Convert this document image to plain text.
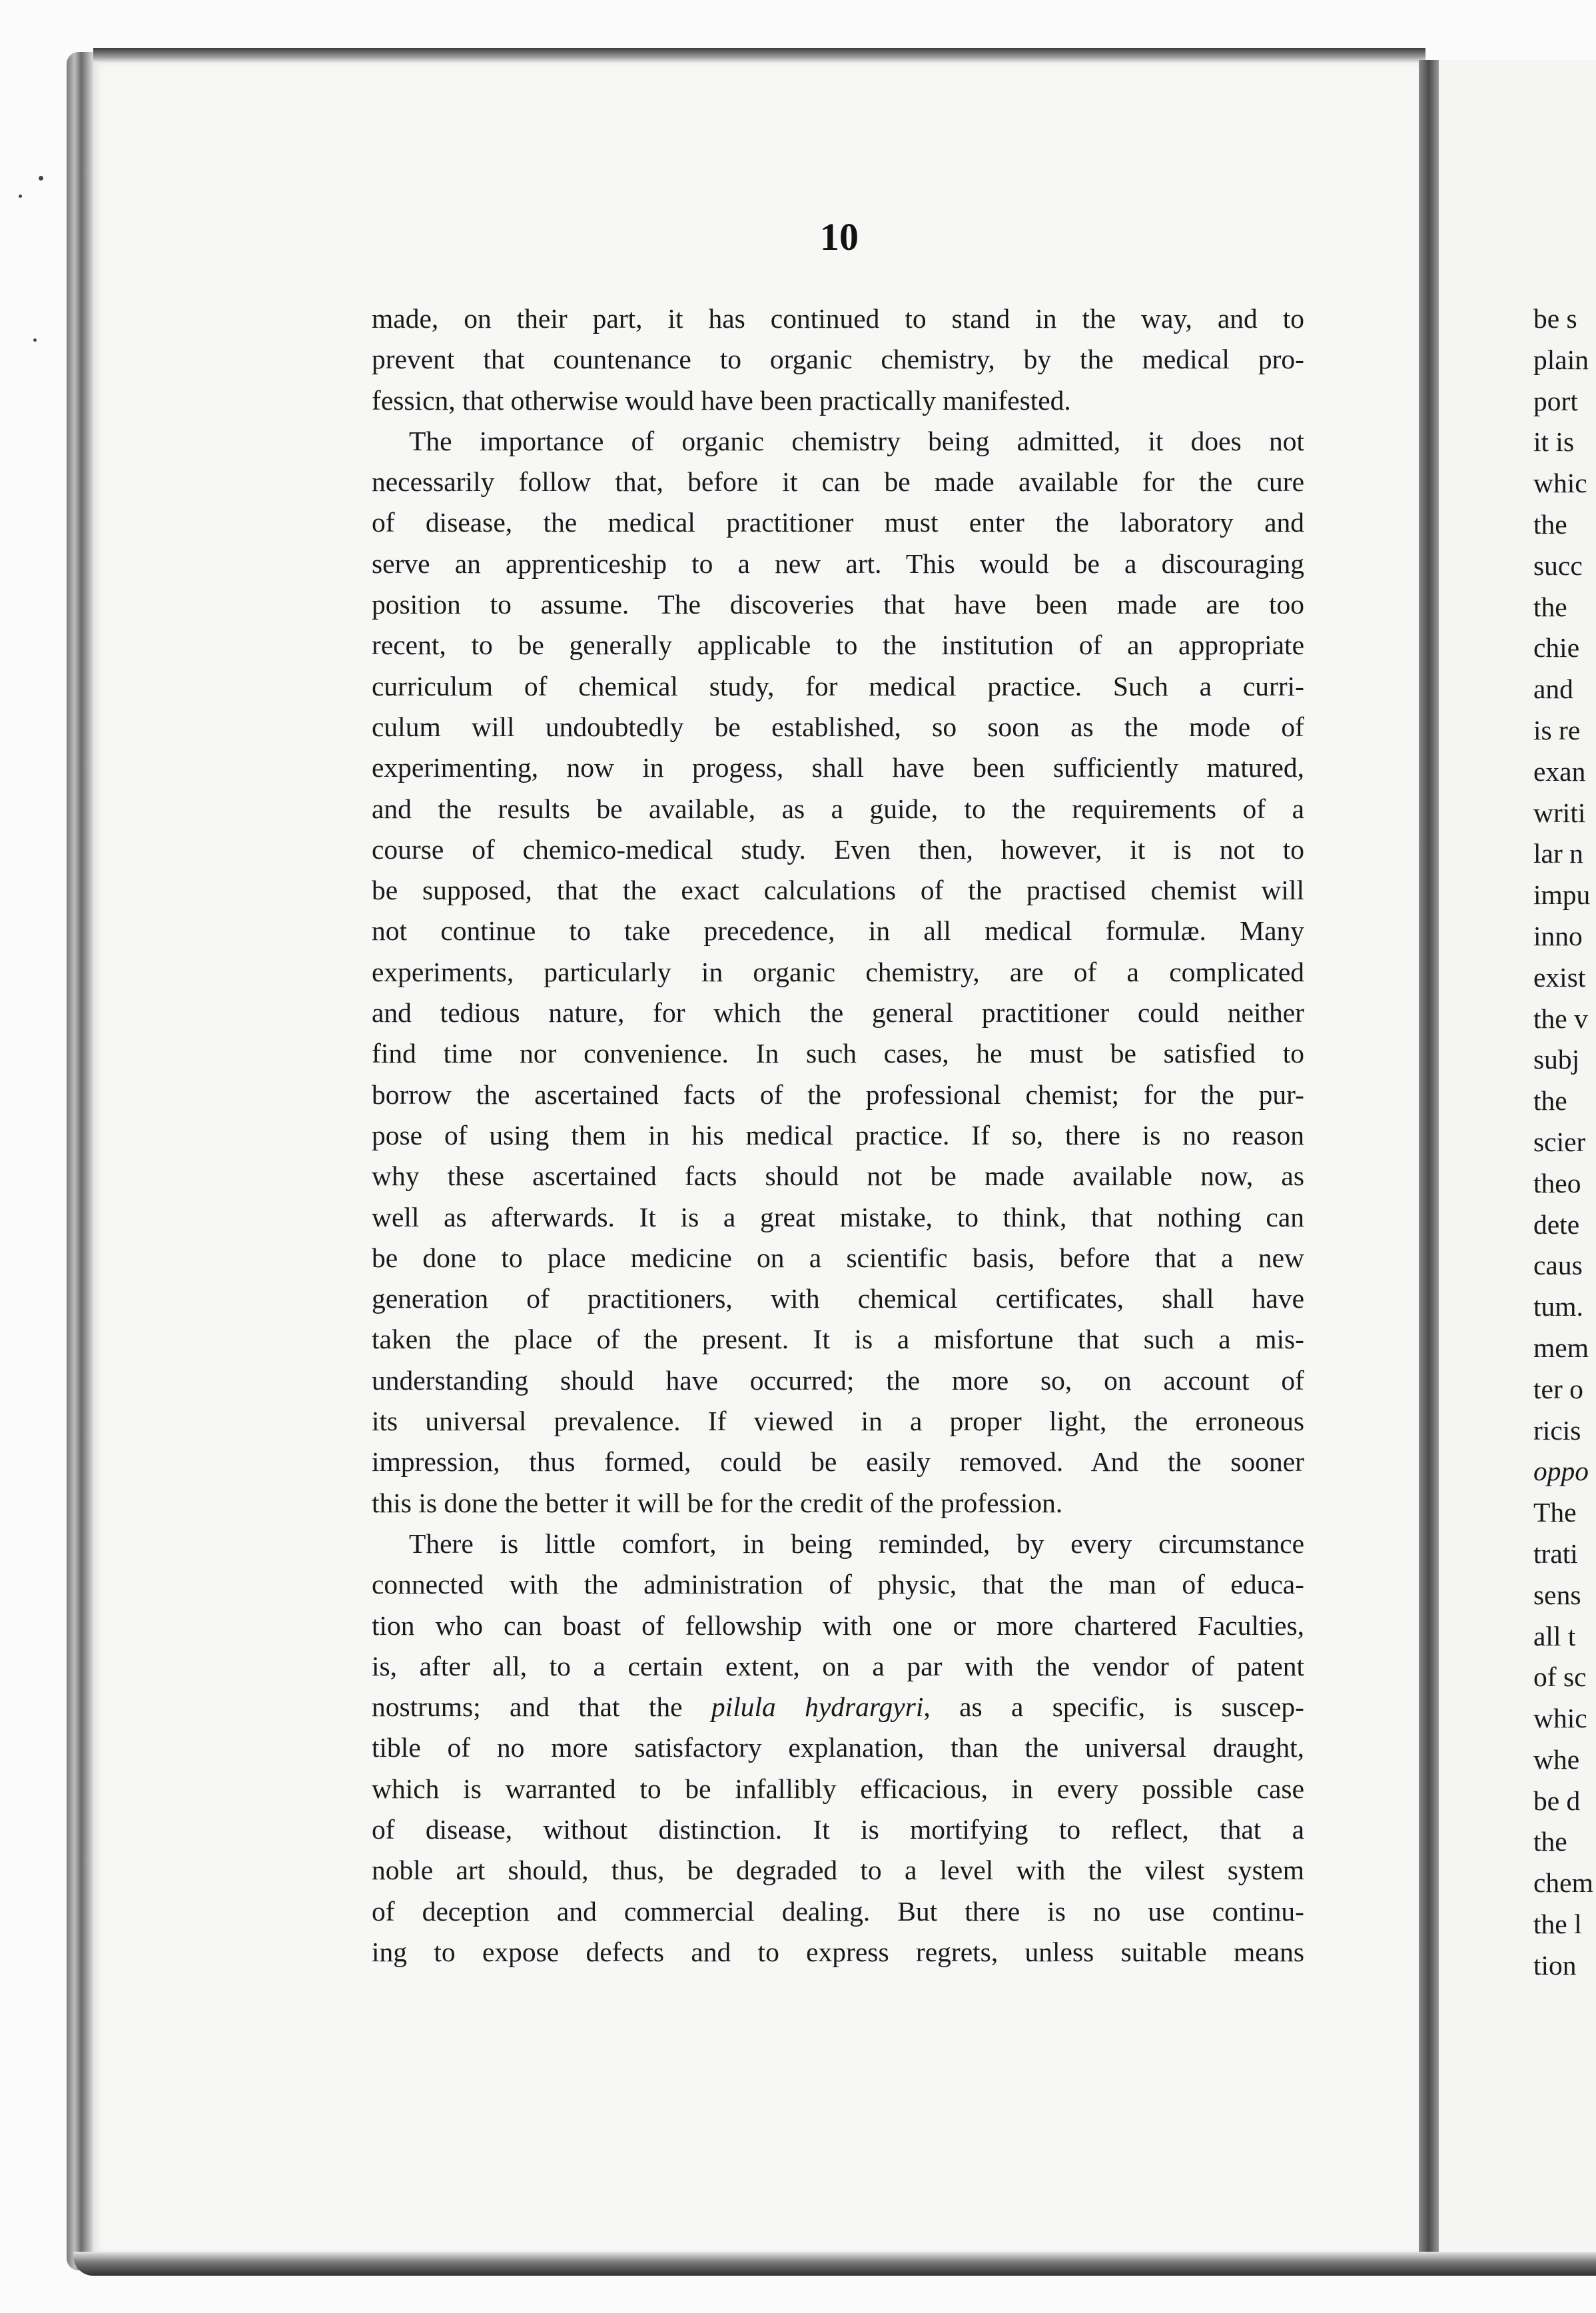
10
made, on their part, it has continued to stand in the way, and to
prevent that countenance to organic chemistry, by the medical pro-
fessicn, that otherwise would have been practically manifested.
The importance of organic chemistry being admitted, it does not
necessarily follow that, before it can be made available for the cure
of disease, the medical practitioner must enter the laboratory and
serve an apprenticeship to a new art. This would be a discouraging
position to assume. The discoveries that have been made are too
recent, to be generally applicable to the institution of an appropriate
curriculum of chemical study, for medical practice. Such a curri-
culum will undoubtedly be established, so soon as the mode of
experimenting, now in progess, shall have been sufficiently matured,
and the results be available, as a guide, to the requirements of a
course of chemico-medical study. Even then, however, it is not to
be supposed, that the exact calculations of the practised chemist will
not continue to take precedence, in all medical formulæ. Many
experiments, particularly in organic chemistry, are of a complicated
and tedious nature, for which the general practitioner could neither
find time nor convenience. In such cases, he must be satisfied to
borrow the ascertained facts of the professional chemist; for the pur-
pose of using them in his medical practice. If so, there is no reason
why these ascertained facts should not be made available now, as
well as afterwards. It is a great mistake, to think, that nothing can
be done to place medicine on a scientific basis, before that a new
generation of practitioners, with chemical certificates, shall have
taken the place of the present. It is a misfortune that such a mis-
understanding should have occurred; the more so, on account of
its universal prevalence. If viewed in a proper light, the erroneous
impression, thus formed, could be easily removed. And the sooner
this is done the better it will be for the credit of the profession.
There is little comfort, in being reminded, by every circumstance
connected with the administration of physic, that the man of educa-
tion who can boast of fellowship with one or more chartered Faculties,
is, after all, to a certain extent, on a par with the vendor of patent
nostrums; and that the pilula hydrargyri, as a specific, is suscep-
tible of no more satisfactory explanation, than the universal draught,
which is warranted to be infallibly efficacious, in every possible case
of disease, without distinction. It is mortifying to reflect, that a
noble art should, thus, be degraded to a level with the vilest system
of deception and commercial dealing. But there is no use continu-
ing to expose defects and to express regrets, unless suitable means
be s
plain
port
it is
whic
the
succ
the
chie
and
is re
exan
writi
lar n
impu
inno
exist
the v
subj
the
scier
theo
dete
caus
tum.
mem
ter o
ricis
oppo
The
trati
sens
all t
of sc
whic
whe
be d
the
chem
the l
tion
